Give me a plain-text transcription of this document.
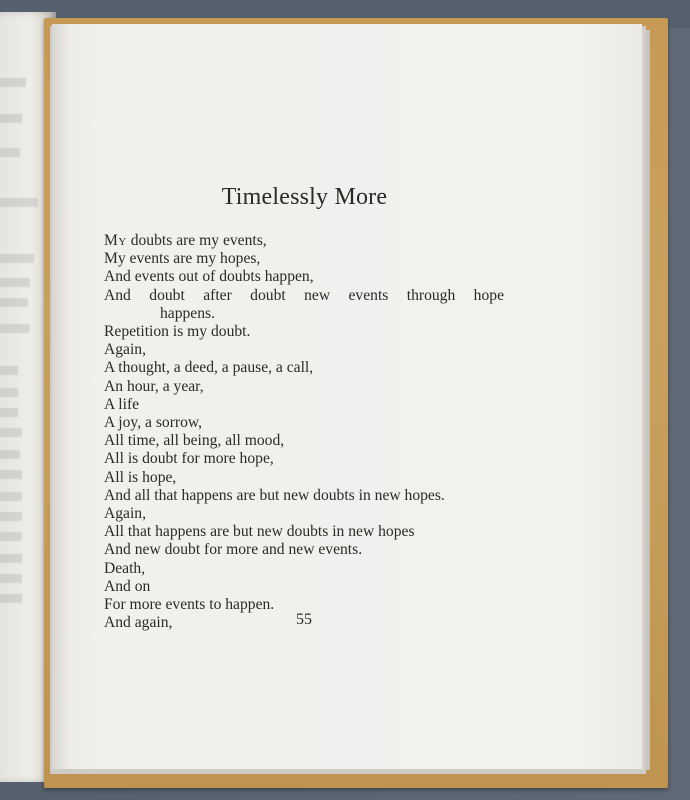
Timelessly More
My doubts are my events,
My events are my hopes,
And events out of doubts happen,
And doubt after doubt new events through hope
happens.
Repetition is my doubt.
Again,
A thought, a deed, a pause, a call,
An hour, a year,
A life
A joy, a sorrow,
All time, all being, all mood,
All is doubt for more hope,
All is hope,
And all that happens are but new doubts in new hopes.
Again,
All that happens are but new doubts in new hopes
And new doubt for more and new events.
Death,
And on
For more events to happen.
And again,	55
